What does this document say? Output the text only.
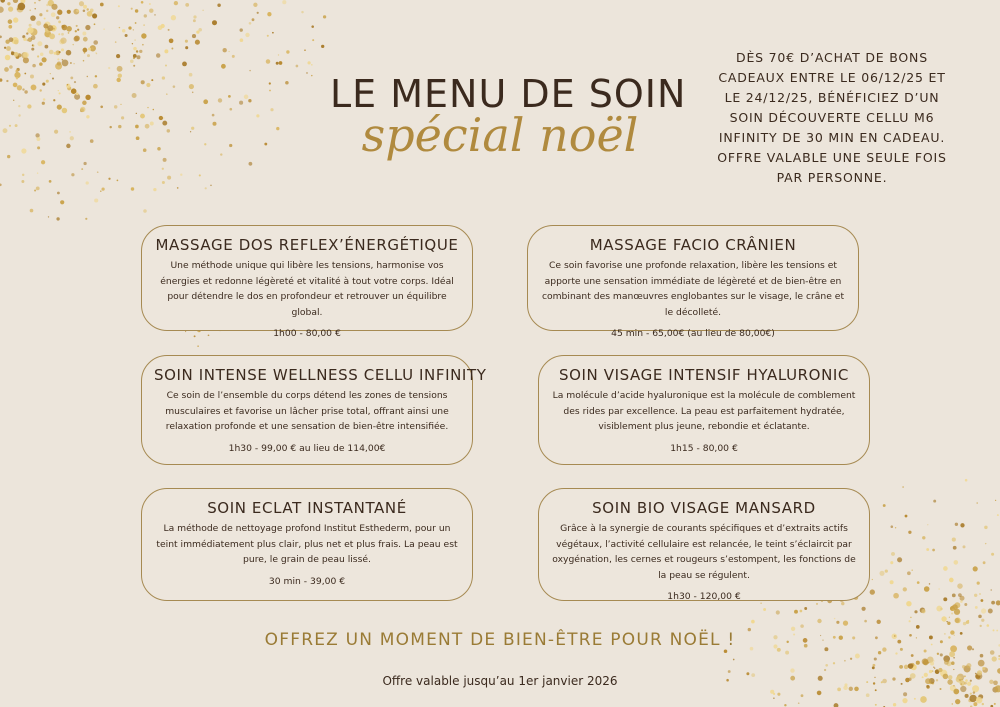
LE MENU DE SOIN
spécial noël
DÈS 70€ D’ACHAT DE BONS CADEAUX ENTRE LE 06/12/25 ET LE 24/12/25, BÉNÉFICIEZ D’UN SOIN DÉCOUVERTE CELLU M6 INFINITY DE 30 MIN EN CADEAU. OFFRE VALABLE UNE SEULE FOIS PAR PERSONNE.
MASSAGE DOS REFLEX’ÉNERGÉTIQUE

Une méthode unique qui libère les tensions, harmonise vos énergies et redonne légèreté et vitalité à tout votre corps. Idéal pour détendre le dos en profondeur et retrouver un équilibre global.

1h00 - 80,00 €
MASSAGE FACIO CRÂNIEN

Ce soin favorise une profonde relaxation, libère les tensions et apporte une sensation immédiate de légèreté et de bien-être en combinant des manœuvres englobantes sur le visage, le crâne et le décolleté.

45 min - 65,00€ (au lieu de 80,00€)
SOIN INTENSE WELLNESS CELLU INFINITY

Ce soin de l’ensemble du corps détend les zones de tensions musculaires et favorise un lâcher prise total, offrant ainsi une relaxation profonde et une sensation de bien-être intensifiée.

1h30 - 99,00 € au lieu de 114,00€
SOIN VISAGE INTENSIF HYALURONIC

La molécule d’acide hyaluronique est la molécule de comblement des rides par excellence. La peau est parfaitement hydratée, visiblement plus jeune, rebondie et éclatante.

1h15 - 80,00 €
SOIN ECLAT INSTANTANÉ

La méthode de nettoyage profond Institut Esthederm, pour un teint immédiatement plus clair, plus net et plus frais. La peau est pure, le grain de peau lissé.

30 min - 39,00 €
SOIN BIO VISAGE MANSARD

Grâce à la synergie de courants spécifiques et d’extraits actifs végétaux, l’activité cellulaire est relancée, le teint s’éclaircit par oxygénation, les cernes et rougeurs s’estompent, les fonctions de la peau se régulent.

1h30 - 120,00 €
OFFREZ UN MOMENT DE BIEN-ÊTRE POUR NOËL !
Offre valable jusqu’au 1er janvier 2026
